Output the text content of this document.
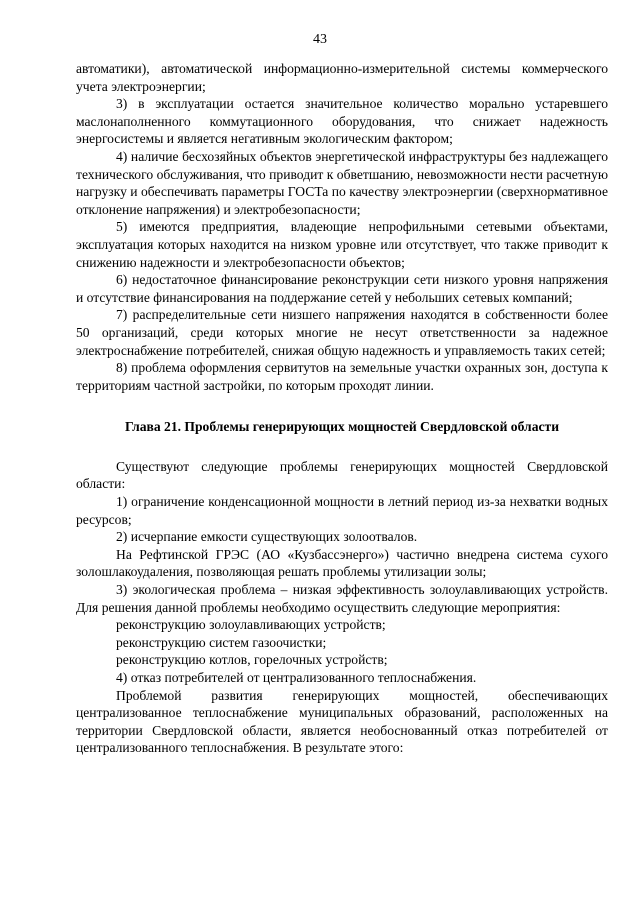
43

автоматики), автоматической информационно-измерительной системы коммерческого учета электроэнергии;

3) в эксплуатации остается значительное количество морально устаревшего маслонаполненного коммутационного оборудования, что снижает надежность энергосистемы и является негативным экологическим фактором;

4) наличие бесхозяйных объектов энергетической инфраструктуры без надлежащего технического обслуживания, что приводит к обветшанию, невозможности нести расчетную нагрузку и обеспечивать параметры ГОСТа по качеству электроэнергии (сверхнормативное отклонение напряжения) и электробезопасности;

5) имеются предприятия, владеющие непрофильными сетевыми объектами, эксплуатация которых находится на низком уровне или отсутствует, что также приводит к снижению надежности и электробезопасности объектов;

6) недостаточное финансирование реконструкции сети низкого уровня напряжения и отсутствие финансирования на поддержание сетей у небольших сетевых компаний;

7) распределительные сети низшего напряжения находятся в собственности более 50 организаций, среди которых многие не несут ответственности за надежное электроснабжение потребителей, снижая общую надежность и управляемость таких сетей;

8) проблема оформления сервитутов на земельные участки охранных зон, доступа к территориям частной застройки, по которым проходят линии.

Глава 21. Проблемы генерирующих мощностей Свердловской области

Существуют следующие проблемы генерирующих мощностей Свердловской области:

1) ограничение конденсационной мощности в летний период из-за нехватки водных ресурсов;

2) исчерпание емкости существующих золоотвалов.

На Рефтинской ГРЭС (АО «Кузбассэнерго») частично внедрена система сухого золошлакоудаления, позволяющая решать проблемы утилизации золы;

3) экологическая проблема – низкая эффективность золоулавливающих устройств. Для решения данной проблемы необходимо осуществить следующие мероприятия:

реконструкцию золоулавливающих устройств;

реконструкцию систем газоочистки;

реконструкцию котлов, горелочных устройств;

4) отказ потребителей от централизованного теплоснабжения.

Проблемой развития генерирующих мощностей, обеспечивающих централизованное теплоснабжение муниципальных образований, расположенных на территории Свердловской области, является необоснованный отказ потребителей от централизованного теплоснабжения. В результате этого:
